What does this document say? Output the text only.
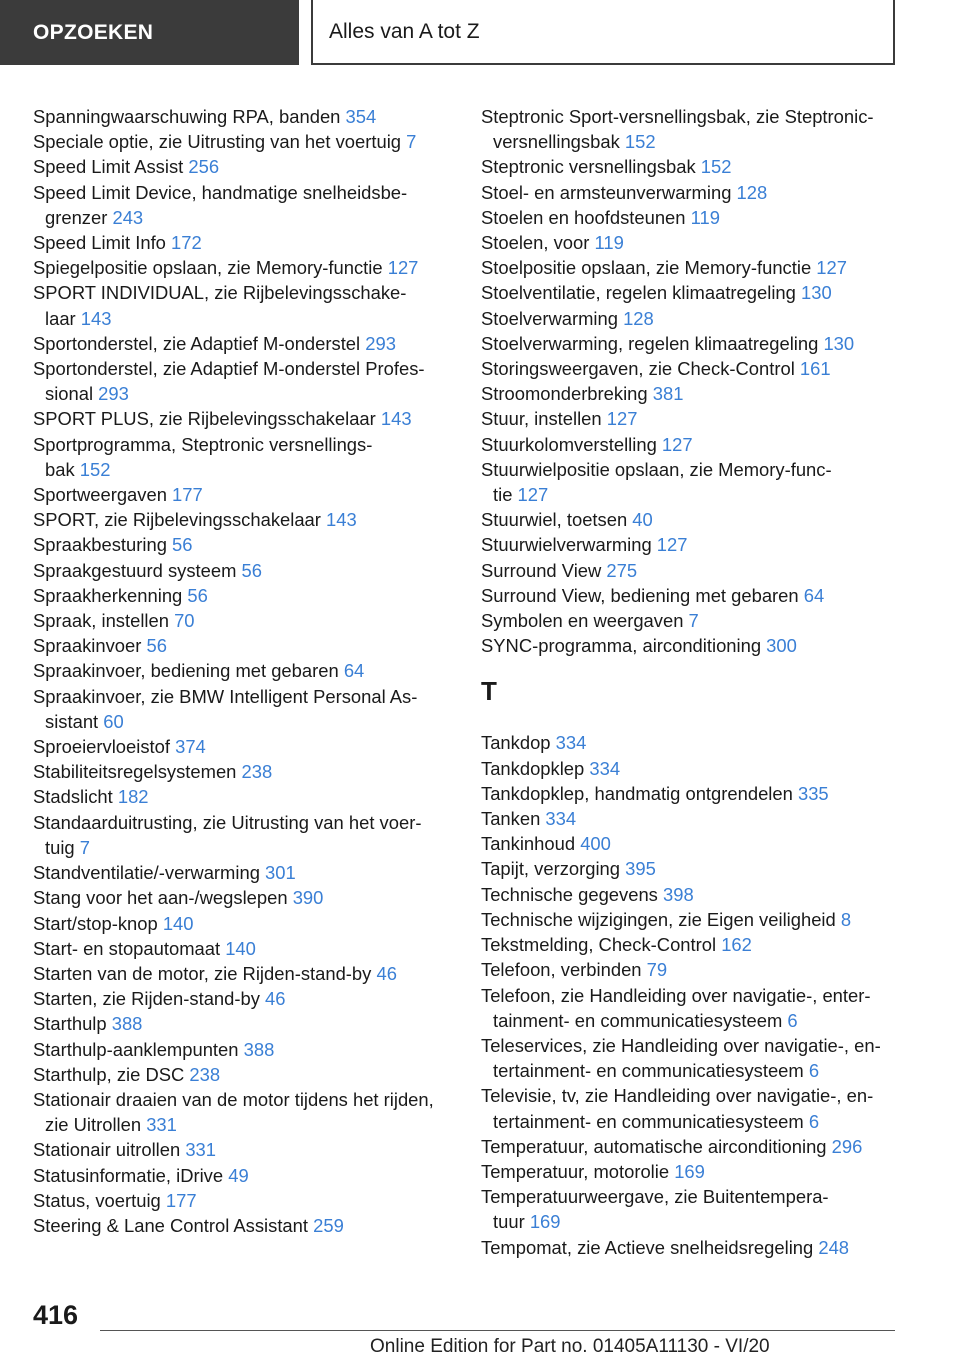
OPZOEKEN	Alles van A tot Z
Spanningwaarschuwing RPA, banden 354
Speciale optie, zie Uitrusting van het voertuig 7
Speed Limit Assist 256
Speed Limit Device, handmatige snelheidsbe‐
grenzer 243
Speed Limit Info 172
Spiegelpositie opslaan, zie Memory-functie 127
SPORT INDIVIDUAL, zie Rijbelevingsschake‐
laar 143
Sportonderstel, zie Adaptief M-onderstel 293
Sportonderstel, zie Adaptief M-onderstel Profes‐
sional 293
SPORT PLUS, zie Rijbelevingsschakelaar 143
Sportprogramma, Steptronic versnellings‐
bak 152
Sportweergaven 177
SPORT, zie Rijbelevingsschakelaar 143
Spraakbesturing 56
Spraakgestuurd systeem 56
Spraakherkenning 56
Spraak, instellen 70
Spraakinvoer 56
Spraakinvoer, bediening met gebaren 64
Spraakinvoer, zie BMW Intelligent Personal As‐
sistant 60
Sproeiervloeistof 374
Stabiliteitsregelsystemen 238
Stadslicht 182
Standaarduitrusting, zie Uitrusting van het voer‐
tuig 7
Standventilatie/-verwarming 301
Stang voor het aan-/wegslepen 390
Start/stop-knop 140
Start- en stopautomaat 140
Starten van de motor, zie Rijden-stand-by 46
Starten, zie Rijden-stand-by 46
Starthulp 388
Starthulp-aanklempunten 388
Starthulp, zie DSC 238
Stationair draaien van de motor tijdens het rijden,
zie Uitrollen 331
Stationair uitrollen 331
Statusinformatie, iDrive 49
Status, voertuig 177
Steering & Lane Control Assistant 259
Steptronic Sport-versnellingsbak, zie Steptronic-
versnellingsbak 152
Steptronic versnellingsbak 152
Stoel- en armsteunverwarming 128
Stoelen en hoofdsteunen 119
Stoelen, voor 119
Stoelpositie opslaan, zie Memory-functie 127
Stoelventilatie, regelen klimaatregeling 130
Stoelverwarming 128
Stoelverwarming, regelen klimaatregeling 130
Storingsweergaven, zie Check-Control 161
Stroomonderbreking 381
Stuur, instellen 127
Stuurkolomverstelling 127
Stuurwielpositie opslaan, zie Memory-func‐
tie 127
Stuurwiel, toetsen 40
Stuurwielverwarming 127
Surround View 275
Surround View, bediening met gebaren 64
Symbolen en weergaven 7
SYNC-programma, airconditioning 300
T
Tankdop 334
Tankdopklep 334
Tankdopklep, handmatig ontgrendelen 335
Tanken 334
Tankinhoud 400
Tapijt, verzorging 395
Technische gegevens 398
Technische wijzigingen, zie Eigen veiligheid 8
Tekstmelding, Check-Control 162
Telefoon, verbinden 79
Telefoon, zie Handleiding over navigatie-, enter‐
tainment- en communicatiesysteem 6
Teleservices, zie Handleiding over navigatie-, en‐
tertainment- en communicatiesysteem 6
Televisie, tv, zie Handleiding over navigatie-, en‐
tertainment- en communicatiesysteem 6
Temperatuur, automatische airconditioning 296
Temperatuur, motorolie 169
Temperatuurweergave, zie Buitentempera‐
tuur 169
Tempomat, zie Actieve snelheidsregeling 248
416
Online Edition for Part no. 01405A11130 - VI/20
